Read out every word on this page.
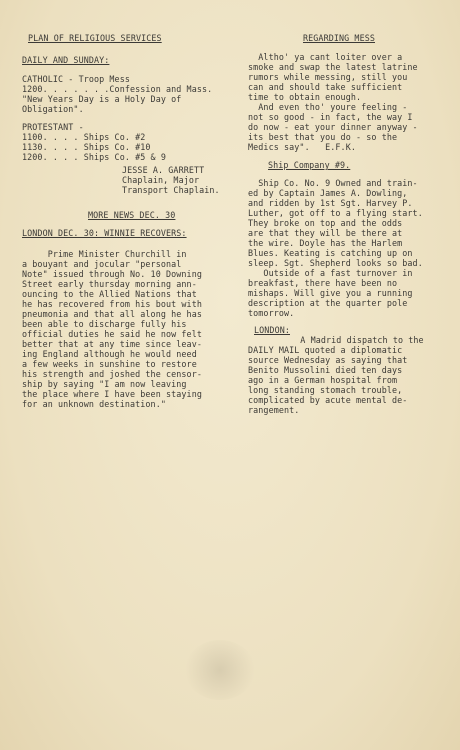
PLAN OF RELIGIOUS SERVICES
DAILY AND SUNDAY:
CATHOLIC - Troop Mess
1200. . . . . . .Confession and Mass.
"New Years Day is a Holy Day of
Obligation".
PROTESTANT -
1100. . . . Ships Co. #2
1130. . . . Ships Co. #10
1200. . . . Ships Co. #5 & 9
JESSE A. GARRETT
Chaplain, Major
Transport Chaplain.
MORE NEWS DEC. 30
LONDON DEC. 30: WINNIE RECOVERS:
Prime Minister Churchill in
a bouyant and jocular "personal
Note" issued through No. 10 Downing
Street early thursday morning ann-
ouncing to the Allied Nations that
he has recovered from his bout with
pneumonia and that all along he has
been able to discharge fully his
official duties he said he now felt
better that at any time since leav-
ing England although he would need
a few weeks in sunshine to restore
his strength and joshed the censor-
ship by saying "I am now leaving
the place where I have been staying
for an unknown destination."
REGARDING MESS
Altho' ya cant loiter over a
smoke and swap the latest latrine
rumors while messing, still you
can and should take sufficient
time to obtain enough.
And even tho' youre feeling -
not so good - in fact, the way I
do now - eat your dinner anyway -
its best that you do - so the
Medics say".   E.F.K.
Ship Company #9.
Ship Co. No. 9 Owned and train-
ed by Captain James A. Dowling,
and ridden by 1st Sgt. Harvey P.
Luther, got off to a flying start.
They broke on top and the odds
are that they will be there at
the wire. Doyle has the Harlem
Blues. Keating is catching up on
sleep. Sgt. Shepherd looks so bad.
Outside of a fast turnover in
breakfast, there have been no
mishaps. Will give you a running
description at the quarter pole
tomorrow.
LONDON:
A Madrid dispatch to the
DAILY MAIL quoted a diplomatic
source Wednesday as saying that
Benito Mussolini died ten days
ago in a German hospital from
long standing stomach trouble,
complicated by acute mental de-
rangement.
